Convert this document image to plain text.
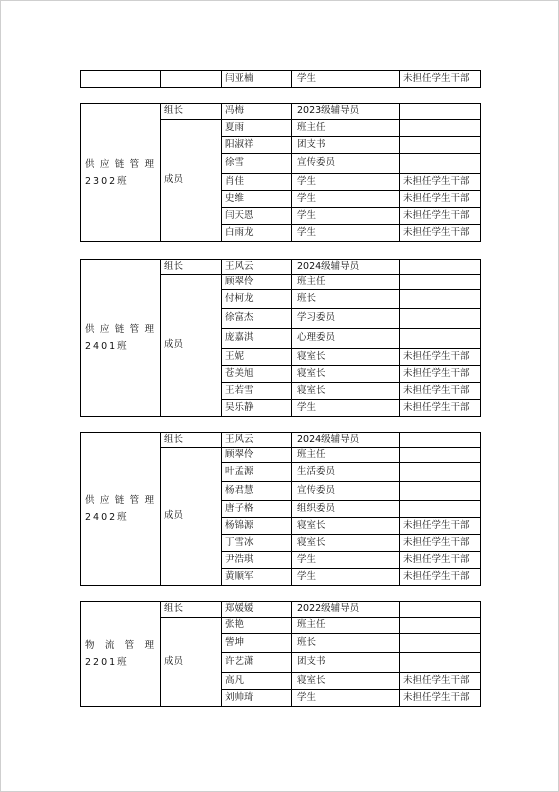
		闫亚楠	学生	未担任学生干部
供应链管理2302班	组长	冯梅	2023级辅导员	
	成员	夏雨	班主任	
		阳淑祥	团支书	
		徐雪	宣传委员	
		肖佳	学生	未担任学生干部
		史维	学生	未担任学生干部
		闫天恩	学生	未担任学生干部
		白雨龙	学生	未担任学生干部
供应链管理2401班	组长	王风云	2024级辅导员	
	成员	顾翠伶	班主任	
		付柯龙	班长	
		徐富杰	学习委员	
		庞嘉淇	心理委员	
		王妮	寝室长	未担任学生干部
		苍美旭	寝室长	未担任学生干部
		王若雪	寝室长	未担任学生干部
		吴乐静	学生	未担任学生干部
供应链管理2402班	组长	王风云	2024级辅导员	
	成员	顾翠伶	班主任	
		叶孟源	生活委员	
		杨君慧	宣传委员	
		唐子格	组织委员	
		杨锦源	寝室长	未担任学生干部
		丁雪冰	寝室长	未担任学生干部
		尹浩琪	学生	未担任学生干部
		黄顺军	学生	未担任学生干部
物流管理2201班	组长	郑媛媛	2022级辅导员	
	成员	张艳	班主任	
		訾坤	班长	
		许艺潇	团支书	
		高凡	寝室长	未担任学生干部
		刘帅琦	学生	未担任学生干部
